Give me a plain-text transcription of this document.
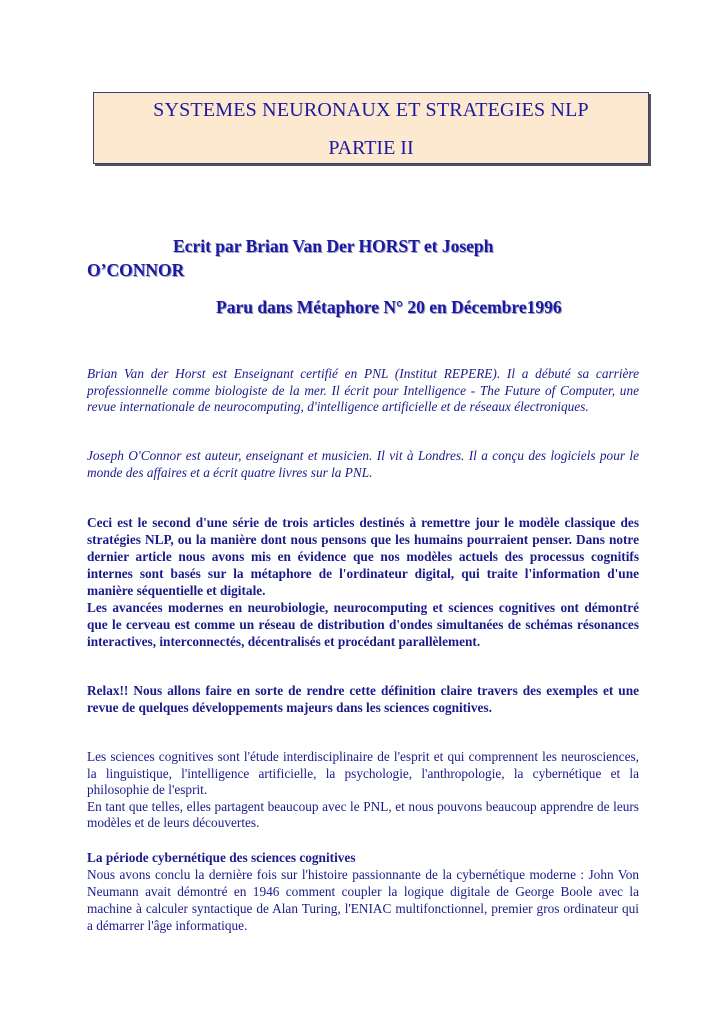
SYSTEMES NEURONAUX ET STRATEGIES NLP
PARTIE II
Ecrit par Brian Van Der HORST et Joseph
O’CONNOR
Paru dans Métaphore N° 20 en Décembre1996

Brian Van der Horst est Enseignant certifié en PNL (Institut REPERE). Il a débuté sa carrière professionnelle comme biologiste de la mer. Il écrit pour Intelligence - The Future of Computer, une revue internationale de neurocomputing, d'intelligence artificielle et de réseaux électroniques.

Joseph O'Connor est auteur, enseignant et musicien. Il vit à Londres. Il a conçu des logiciels pour le monde des affaires et a écrit quatre livres sur la PNL.

Ceci est le second d'une série de trois articles destinés à remettre jour le modèle classique des stratégies NLP, ou la manière dont nous pensons que les humains pourraient penser. Dans notre dernier article nous avons mis en évidence que nos modèles actuels des processus cognitifs internes sont basés sur la métaphore de l'ordinateur digital, qui traite l'information d'une manière séquentielle et digitale.

Les avancées modernes en neurobiologie, neurocomputing et sciences cognitives ont démontré que le cerveau est comme un réseau de distribution d'ondes simultanées de schémas résonances interactives, interconnectés, décentralisés et procédant parallèlement.

Relax!! Nous allons faire en sorte de rendre cette définition claire travers des exemples et une revue de quelques développements majeurs dans les sciences cognitives.

Les sciences cognitives sont l'étude interdisciplinaire de l'esprit et qui comprennent les neurosciences, la linguistique, l'intelligence artificielle, la psychologie, l'anthropologie, la cybernétique et la philosophie de l'esprit.

En tant que telles, elles partagent beaucoup avec le PNL, et nous pouvons beaucoup apprendre de leurs modèles et de leurs découvertes.

La période cybernétique des sciences cognitives

Nous avons conclu la dernière fois sur l'histoire passionnante de la cybernétique moderne : John Von Neumann avait démontré en 1946 comment coupler la logique digitale de George Boole avec la machine à calculer syntactique de Alan Turing, l'ENIAC multifonctionnel, premier gros ordinateur qui a démarrer l'âge informatique.
